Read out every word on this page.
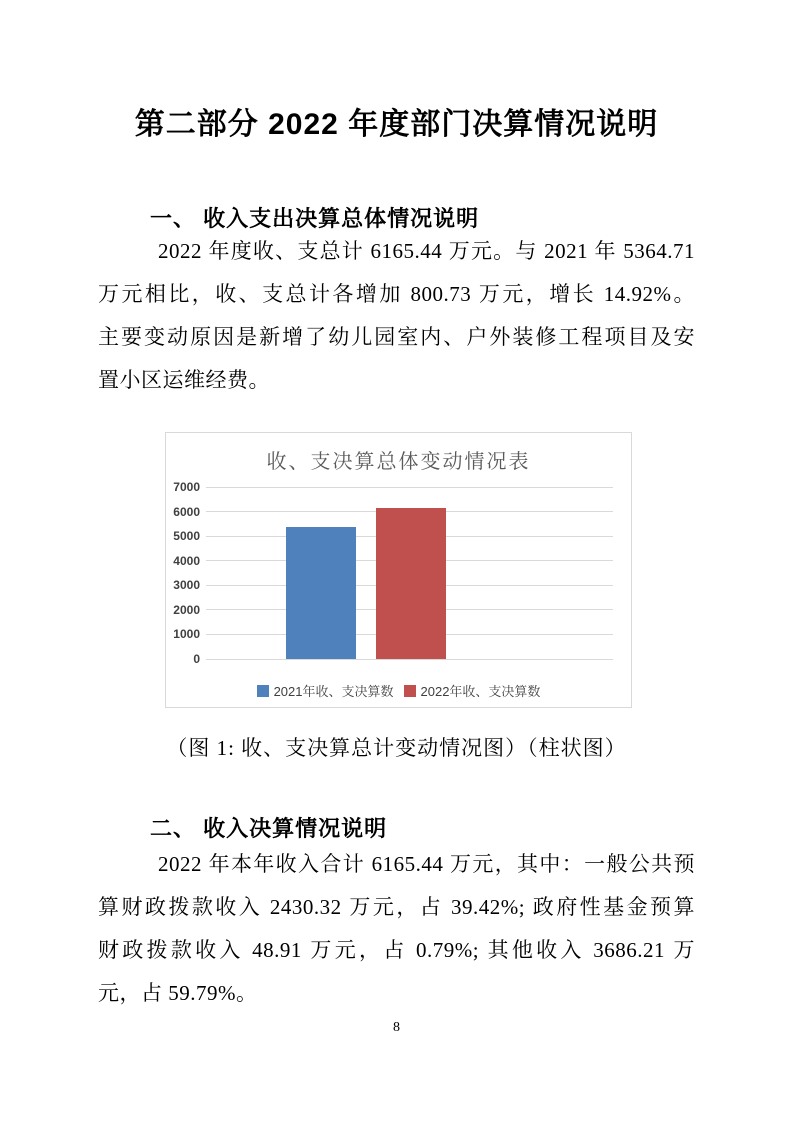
第二部分 2022 年度部门决算情况说明
一、 收入支出决算总体情况说明
2022 年度收、支总计 6165.44 万元。与 2021 年 5364.71
万元相比，收、支总计各增加 800.73 万元，增长 14.92%。
主要变动原因是新增了幼儿园室内、户外装修工程项目及安
置小区运维经费。
收、支决算总体变动情况表
0
1000
2000
3000
4000
5000
6000
7000
2021年收、支决算数 2022年收、支决算数
（图 1: 收、支决算总计变动情况图）（柱状图）
二、 收入决算情况说明
2022 年本年收入合计 6165.44 万元，其中：一般公共预
算财政拨款收入 2430.32 万元，占 39.42%; 政府性基金预算
财政拨款收入 48.91 万元，占 0.79%; 其他收入 3686.21 万
元，占 59.79%。
8
